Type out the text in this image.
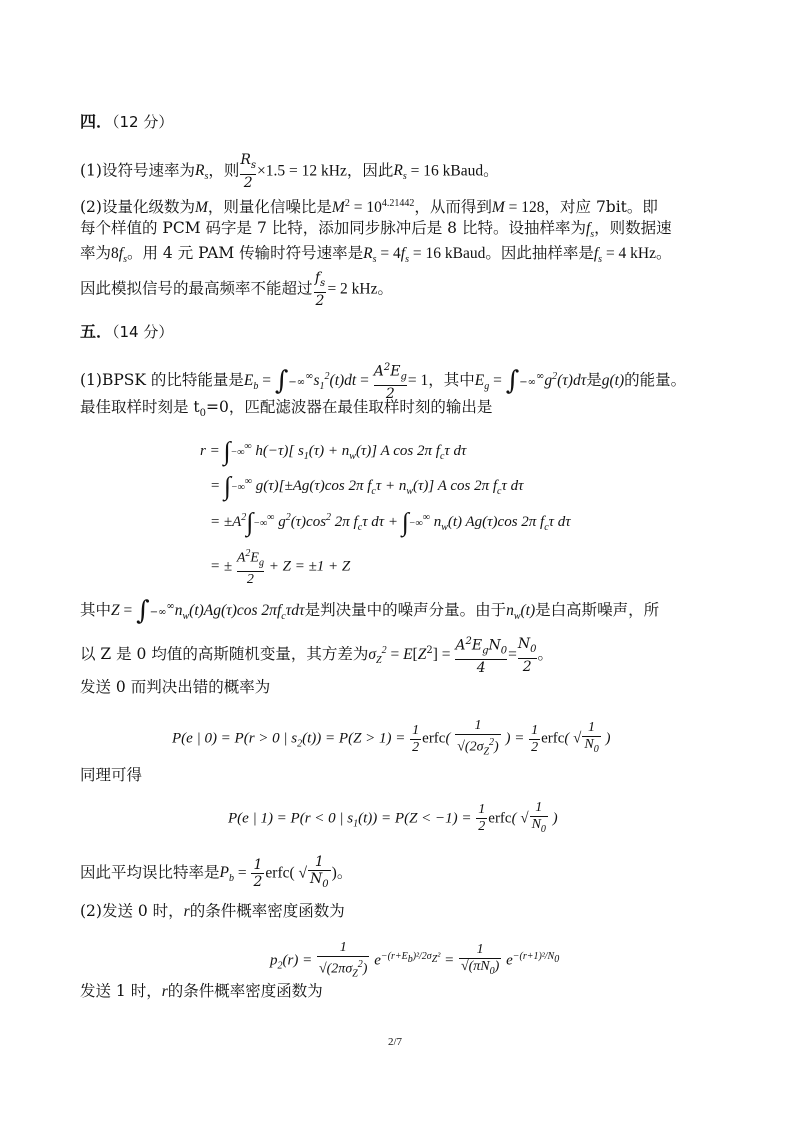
四．（12 分）
(1)设符号速率为$R_s$，则 $\frac{R_s}{2} \times 1.5 = 12$ kHz，因此$R_s = 16$ kBaud。
(2)设量化级数为M，则量化信噪比是$M^2 = 10^{4.21442}$，从而得到M = 128，对应 7bit。即
每个样值的 PCM 码字是 7 比特，添加同步脉冲后是 8 比特。设抽样率为$f_s$，则数据速
率为$8f_s$。用 4 元 PAM 传输时符号速率是$R_s = 4f_s = 16$ kBaud。因此抽样率是$f_s = 4$ kHz。
因此模拟信号的最高频率不能超过 $\frac{f_s}{2} = 2$ kHz。
五．（14 分）
(1)BPSK 的比特能量是$E_b = \int-\infty^\infty s_1^2(t)dt = \frac{A^2E_g}{2} = 1$，其中$E_g = \int-\infty^\infty g^2(\tau)d\tau$是g(t)的能量。
最佳取样时刻是 $t_0=0$，匹配滤波器在最佳取样时刻的输出是
r = ∫−∞∞ h(−τ)[ $s_1(\tau) + n_w(\tau)$] A cos 2π $f_c\tau$ dτ
= ∫−∞∞ g(τ)[±Ag(τ)cos 2π $f_c\tau + n_w(\tau)$] A cos 2π $f_c\tau$ dτ
= $\pm A^2\int-\infty^\infty$ $g^2(\tau)\cos^2$ 2π $f_c\tau$ dτ + ∫−∞∞ $n_w(t)$ Ag(τ)cos 2π $f_c\tau$ dτ
= ± $\frac{A^2E_g}{2} + Z = \pm 1 + Z$
其中$Z = \int-\infty^\infty n_w(t)Ag(\tau)\cos$ $2\pi f_c\tau d\tau$是判决量中的噪声分量。由于$n_w(t)$是白高斯噪声，所
以 Z 是 0 均值的高斯随机变量，其方差为$\sigma_Z^2 = E[Z^2]$ =
$A^2E_gN_0$
4
= $\frac{N_0}{2}$ 。
发送 0 而判决出错的概率为
P(e | 0) = P(r > 0 | $s_2(t)) = P(Z > 1) = \frac{1}{2}$ erfc( $\frac{1}{√(2\sigma_Z^2)}$ ) = $\frac{1}{2}$ erfc( √ $\frac{1}{N_0}$ )
同理可得
P(e | 1) = P(r < 0 | $s_1(t)) = P(Z < -1) = \frac{1}{2}$ erfc( √ $\frac{1}{N_0}$ )
因此平均误比特率是$P_b = \frac{1}{2}$ erfc( √ $\frac{1}{N_0}$ )。
(2)发送 0 时，r的条件概率密度函数为
$p_2(r)$ =
1
$√(2\pi\sigma_Z^2)$
$e^{-(r+E_b)^2/2\sigma_Z^2} = \frac{1}{√(\pi N_0)} e^{-(r+1)^2/N_0}$
发送 1 时，r的条件概率密度函数为
2/7
